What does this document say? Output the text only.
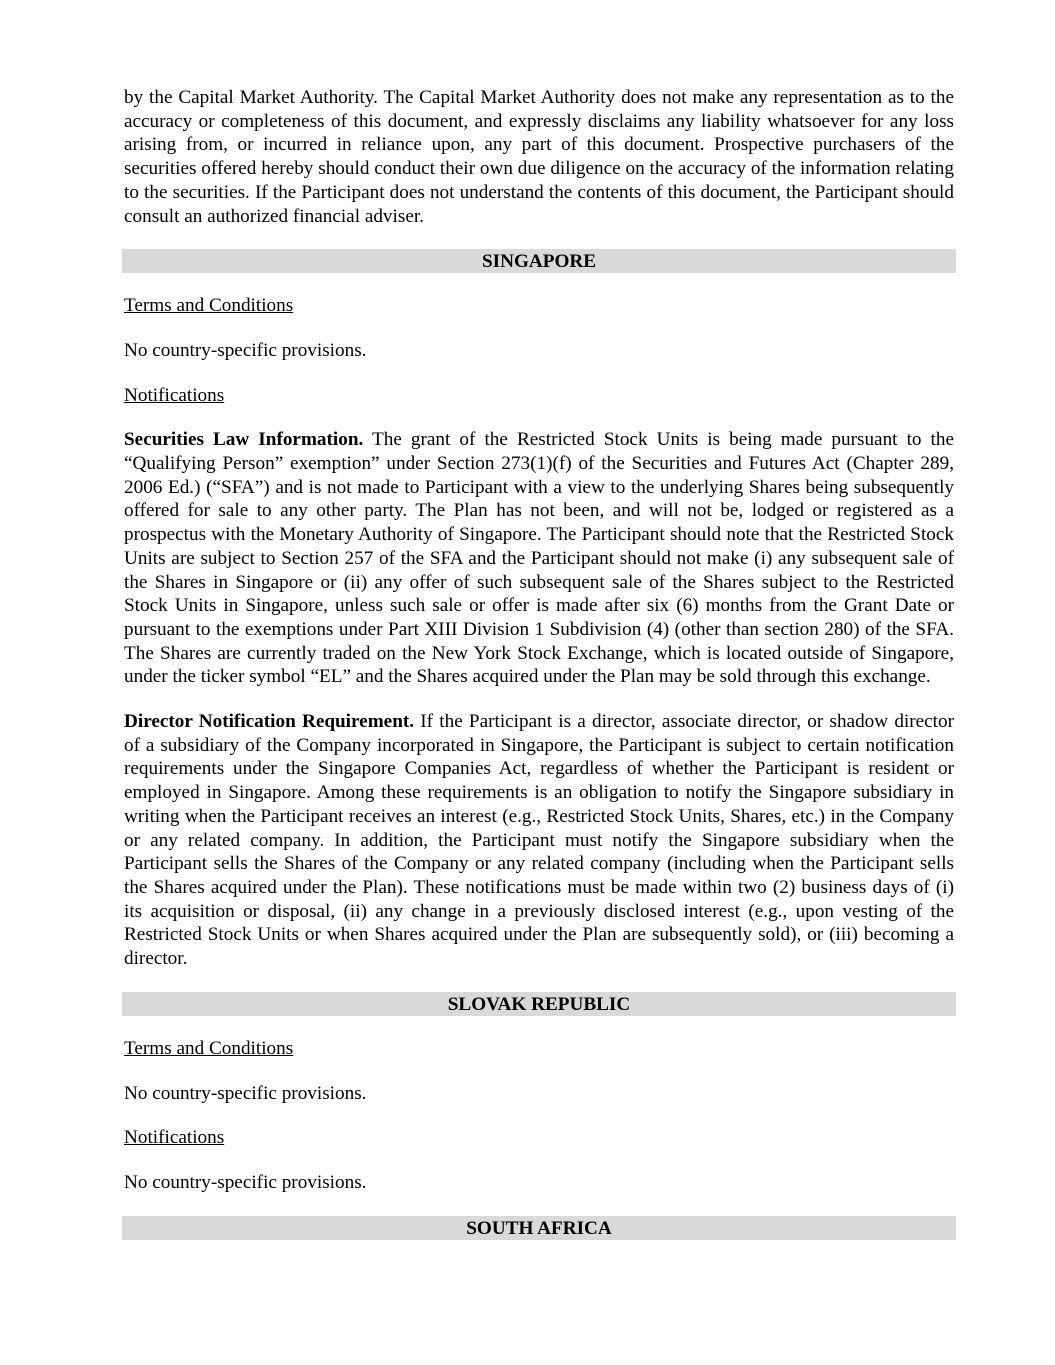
by the Capital Market Authority. The Capital Market Authority does not make any representation as to the accuracy or completeness of this document, and expressly disclaims any liability whatsoever for any loss arising from, or incurred in reliance upon, any part of this document. Prospective purchasers of the securities offered hereby should conduct their own due diligence on the accuracy of the information relating to the securities. If the Participant does not understand the contents of this document, the Participant should consult an authorized financial adviser.

SINGAPORE

Terms and Conditions

No country-specific provisions.

Notifications

Securities Law Information. The grant of the Restricted Stock Units is being made pursuant to the “Qualifying Person” exemption” under Section 273(1)(f) of the Securities and Futures Act (Chapter 289, 2006 Ed.) (“SFA”) and is not made to Participant with a view to the underlying Shares being subsequently offered for sale to any other party. The Plan has not been, and will not be, lodged or registered as a prospectus with the Monetary Authority of Singapore. The Participant should note that the Restricted Stock Units are subject to Section 257 of the SFA and the Participant should not make (i) any subsequent sale of the Shares in Singapore or (ii) any offer of such subsequent sale of the Shares subject to the Restricted Stock Units in Singapore, unless such sale or offer is made after six (6) months from the Grant Date or pursuant to the exemptions under Part XIII Division 1 Subdivision (4) (other than section 280) of the SFA. The Shares are currently traded on the New York Stock Exchange, which is located outside of Singapore, under the ticker symbol “EL” and the Shares acquired under the Plan may be sold through this exchange.

Director Notification Requirement. If the Participant is a director, associate director, or shadow director of a subsidiary of the Company incorporated in Singapore, the Participant is subject to certain notification requirements under the Singapore Companies Act, regardless of whether the Participant is resident or employed in Singapore. Among these requirements is an obligation to notify the Singapore subsidiary in writing when the Participant receives an interest (e.g., Restricted Stock Units, Shares, etc.) in the Company or any related company. In addition, the Participant must notify the Singapore subsidiary when the Participant sells the Shares of the Company or any related company (including when the Participant sells the Shares acquired under the Plan). These notifications must be made within two (2) business days of (i) its acquisition or disposal, (ii) any change in a previously disclosed interest (e.g., upon vesting of the Restricted Stock Units or when Shares acquired under the Plan are subsequently sold), or (iii) becoming a director.

SLOVAK REPUBLIC

Terms and Conditions

No country-specific provisions.

Notifications

No country-specific provisions.

SOUTH AFRICA
